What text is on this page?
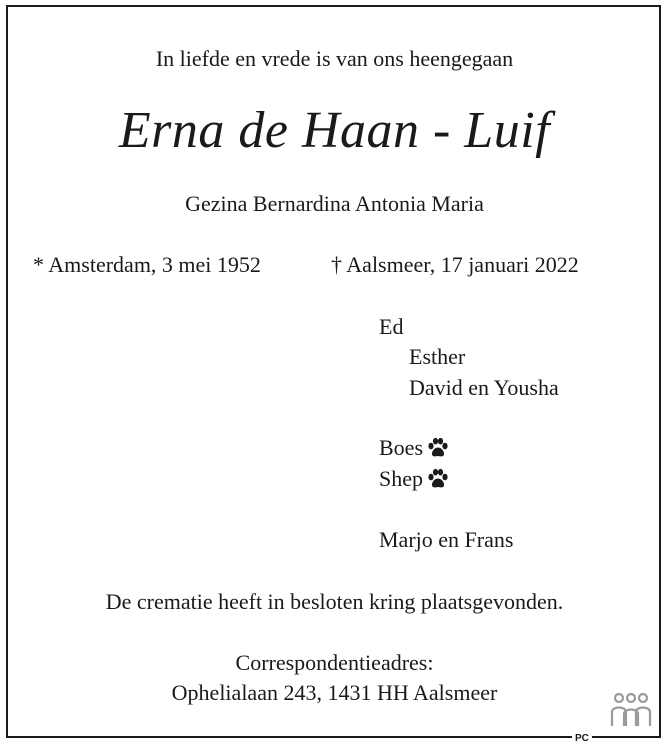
In liefde en vrede is van ons heengegaan
Erna de Haan - Luif
Gezina Bernardina Antonia Maria
* Amsterdam, 3 mei 1952	† Aalsmeer, 17 januari 2022
Ed
Esther
David en Yousha
Boes
Shep
Marjo en Frans
De crematie heeft in besloten kring plaatsgevonden.
Correspondentieadres:
Ophelialaan 243, 1431 HH Aalsmeer
PC
